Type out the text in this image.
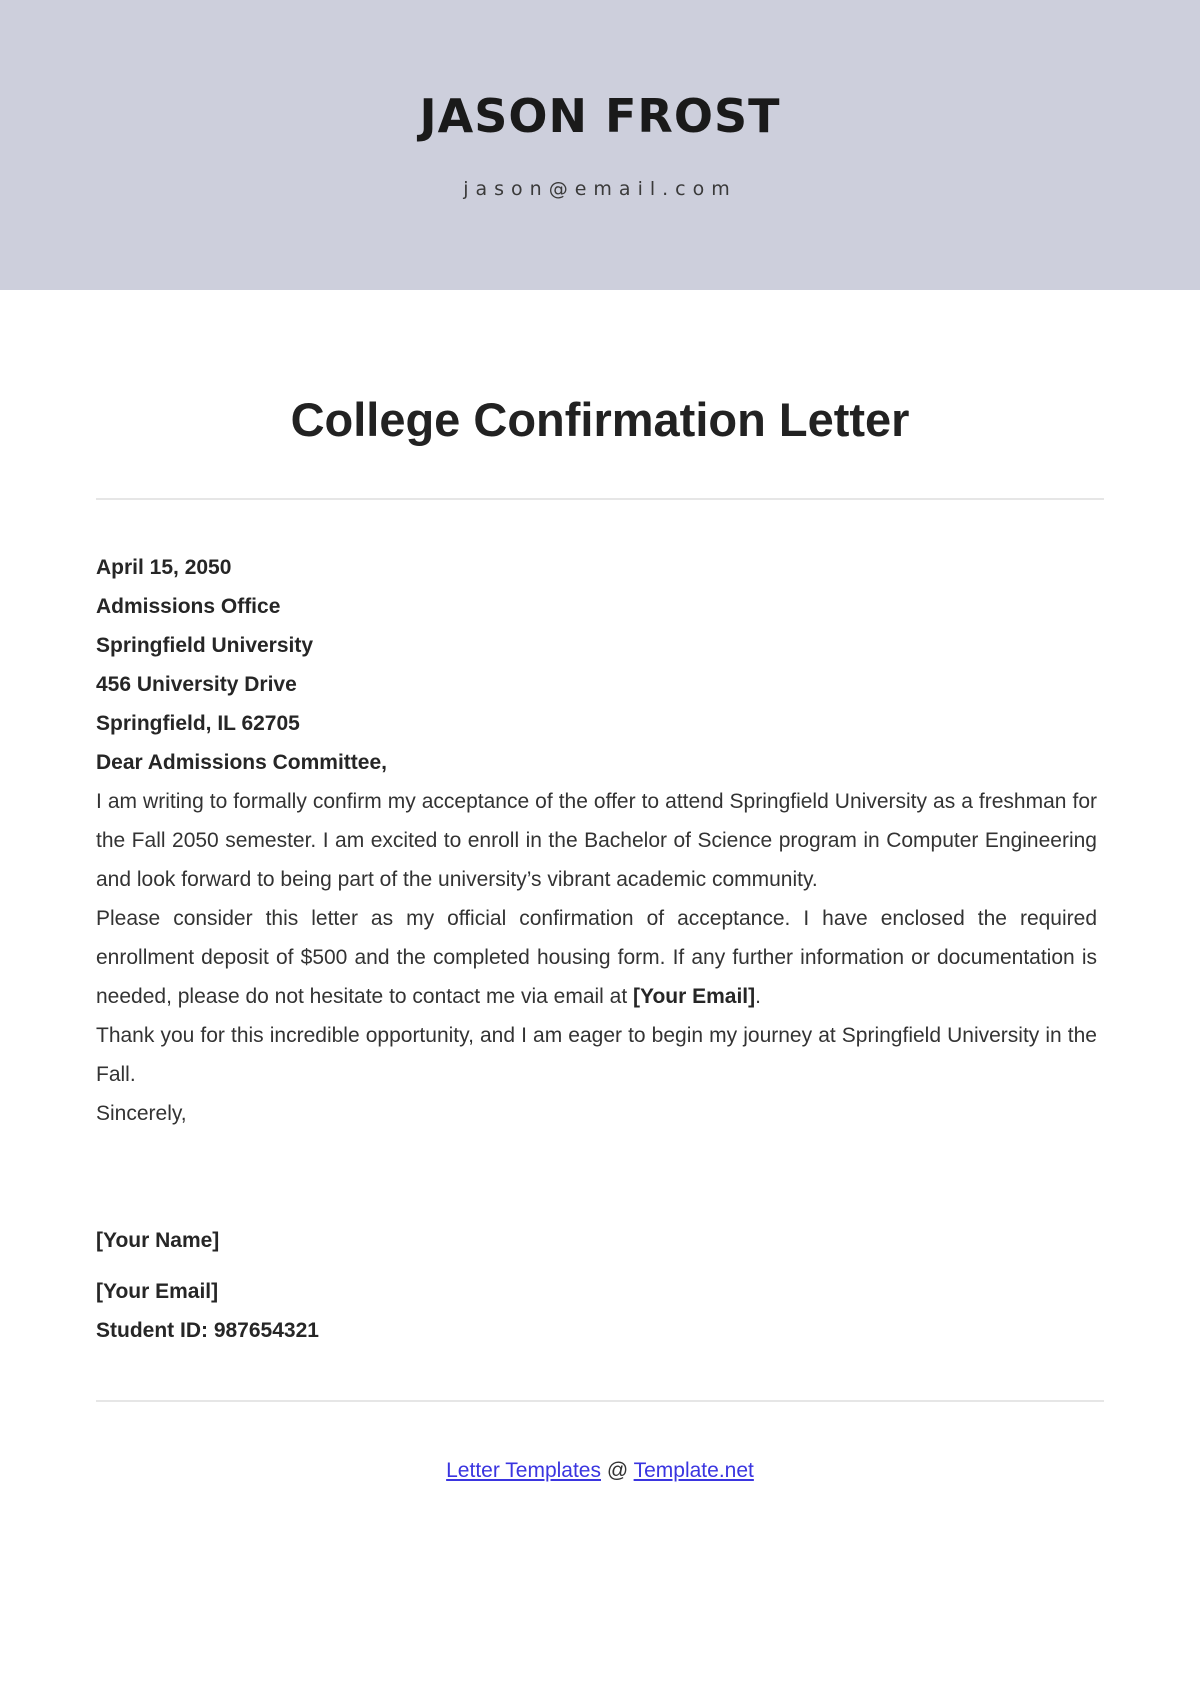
JASON FROST
jason@email.com
College Confirmation Letter
April 15, 2050
Admissions Office
Springfield University
456 University Drive
Springfield, IL 62705
Dear Admissions Committee,
I am writing to formally confirm my acceptance of the offer to attend Springfield University as a freshman for the Fall 2050 semester. I am excited to enroll in the Bachelor of Science program in Computer Engineering and look forward to being part of the university’s vibrant academic community.
Please consider this letter as my official confirmation of acceptance. I have enclosed the required enrollment deposit of $500 and the completed housing form. If any further information or documentation is needed, please do not hesitate to contact me via email at [Your Email].
Thank you for this incredible opportunity, and I am eager to begin my journey at Springfield University in the Fall.
Sincerely,
[Your Name]
[Your Email]
Student ID: 987654321
Letter Templates @ Template.net
